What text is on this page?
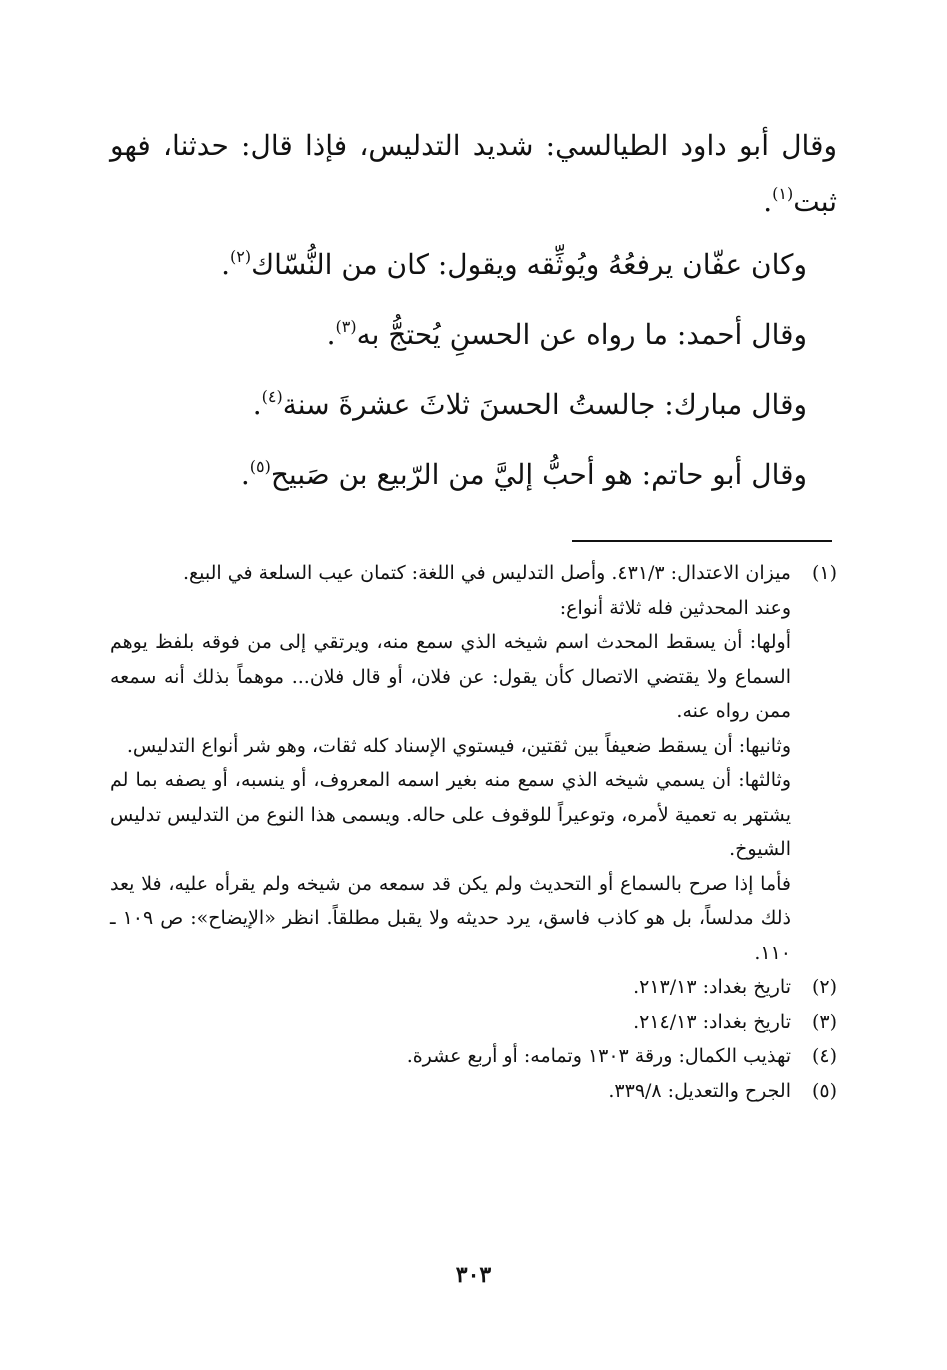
وقال أبو داود الطيالسي: شديد التدليس، فإذا قال: حدثنا، فهو ثبت$^{(١)}$.

وكان عفّان يرفعُهُ ويُوثِّقه ويقول: كان من النُّسّاك$^{(٢)}$.

وقال أحمد: ما رواه عن الحسنِ يُحتجُّ به$^{(٣)}$.

وقال مبارك: جالستُ الحسنَ ثلاثَ عشرةَ سنة$^{(٤)}$.

وقال أبو حاتم: هو أحبُّ إليَّ من الرّبيع بن صَبيح$^{(٥)}$.

(١)

ميزان الاعتدال: ٤٣١/٣. وأصل التدليس في اللغة: كتمان عيب السلعة في البيع.

وعند المحدثين فله ثلاثة أنواع:

أولها: أن يسقط المحدث اسم شيخه الذي سمع منه، ويرتقي إلى من فوقه بلفظ يوهم السماع ولا يقتضي الاتصال كأن يقول: عن فلان، أو قال فلان... موهماً بذلك أنه سمعه ممن رواه عنه.

وثانيها: أن يسقط ضعيفاً بين ثقتين، فيستوي الإسناد كله ثقات، وهو شر أنواع التدليس.

وثالثها: أن يسمي شيخه الذي سمع منه بغير اسمه المعروف، أو ينسبه، أو يصفه بما لم يشتهر به تعمية لأمره، وتوعيراً للوقوف على حاله. ويسمى هذا النوع من التدليس تدليس الشيوخ.

فأما إذا صرح بالسماع أو التحديث ولم يكن قد سمعه من شيخه ولم يقرأه عليه، فلا يعد ذلك مدلساً، بل هو كاذب فاسق، يرد حديثه ولا يقبل مطلقاً. انظر «الإيضاح»: ص ١٠٩ ـ ١١٠.

(٢)

تاريخ بغداد: ٢١٣/١٣.

(٣)

تاريخ بغداد: ٢١٤/١٣.

(٤)

تهذيب الكمال: ورقة ١٣٠٣ وتمامه: أو أربع عشرة.

(٥)

الجرح والتعديل: ٣٣٩/٨.

٣٠٣
